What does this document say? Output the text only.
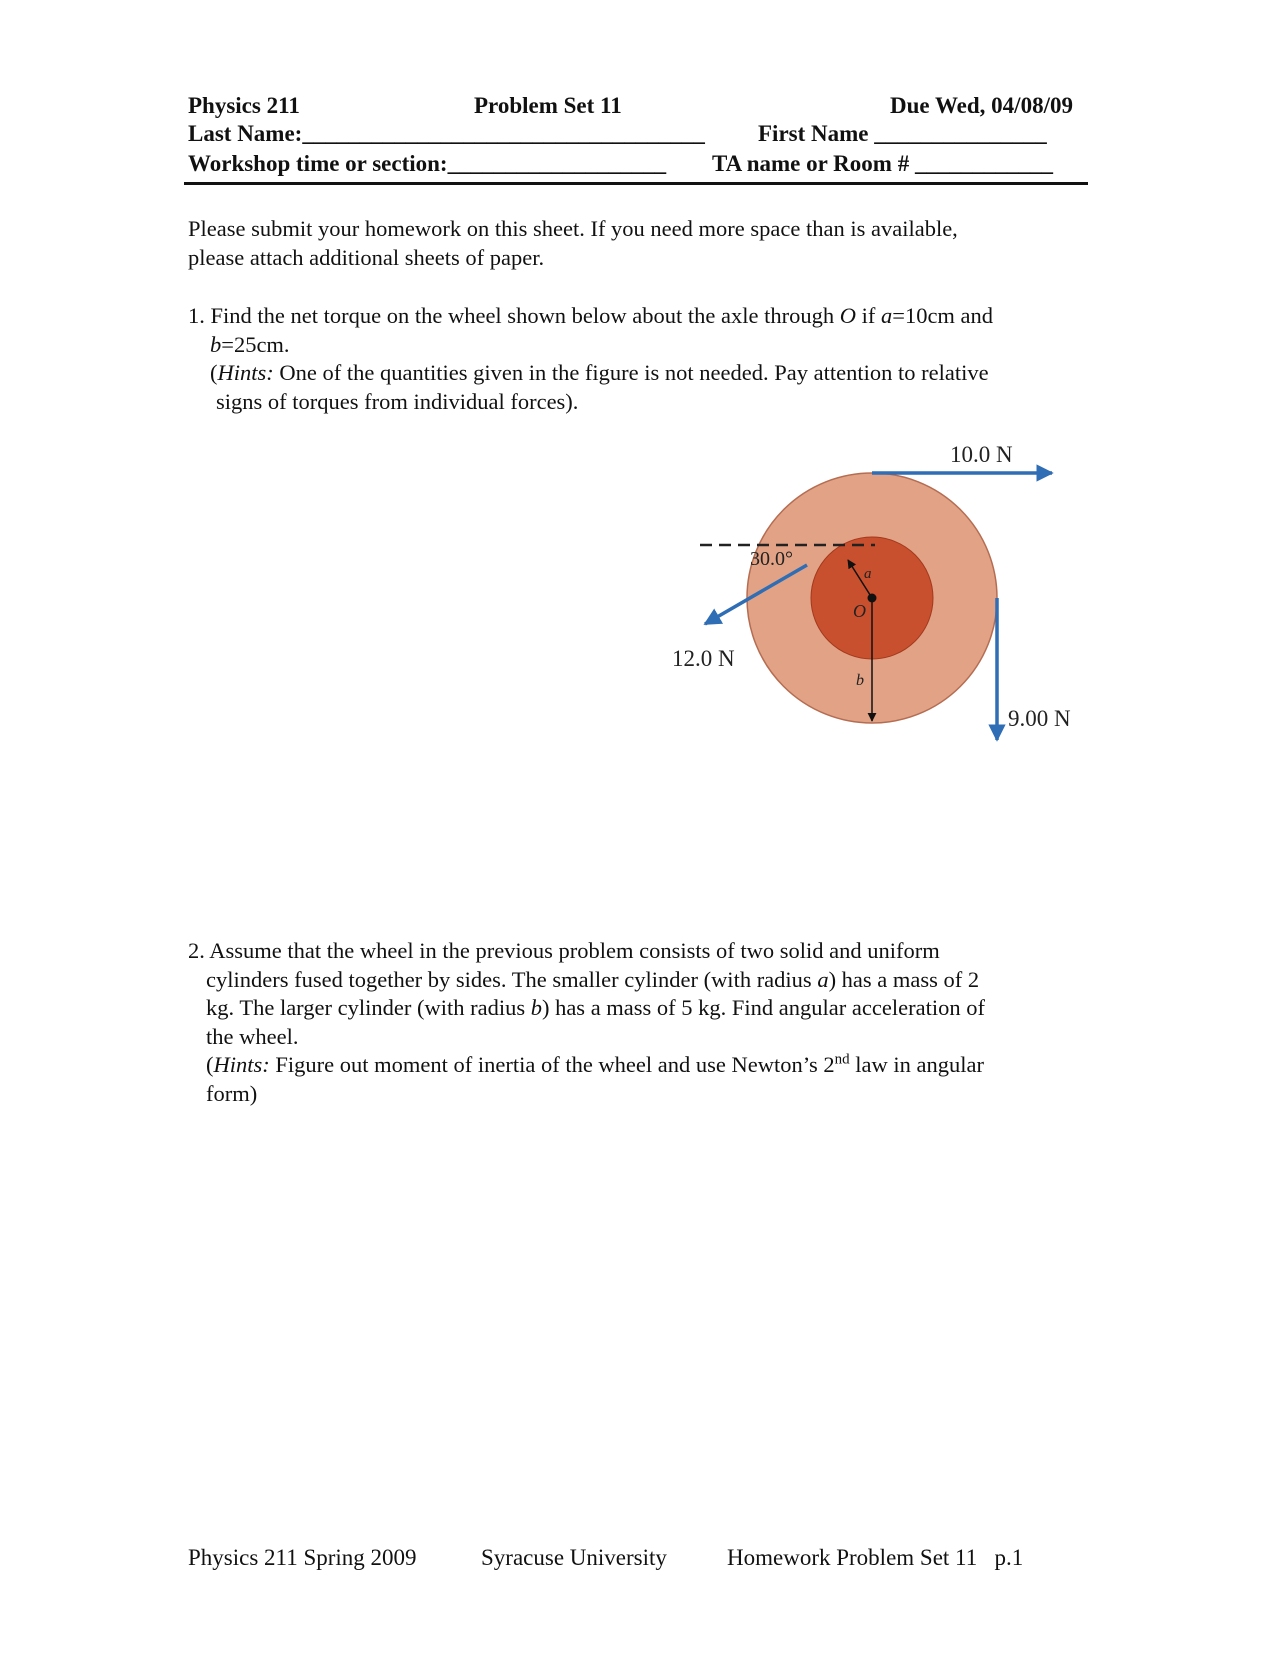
Physics 211	Problem Set 11	Due Wed, 04/08/09
Last Name:___________________________________ First Name _______________
Workshop time or section:___________________ TA name or Room # ____________
Please submit your homework on this sheet. If you need more space than is available,
please attach additional sheets of paper.
1. Find the net torque on the wheel shown below about the axle through O if a=10cm and
b=25cm.
(Hints: One of the quantities given in the figure is not needed. Pay attention to relative
signs of torques from individual forces).
10.0 N
12.0 N
9.00 N
30.0°
a
O
b
2. Assume that the wheel in the previous problem consists of two solid and uniform
cylinders fused together by sides. The smaller cylinder (with radius a) has a mass of 2
kg. The larger cylinder (with radius b) has a mass of 5 kg. Find angular acceleration of
the wheel.
(Hints: Figure out moment of inertia of the wheel and use Newton’s 2nd law in angular
form)
Physics 211 Spring 2009	Syracuse University	Homework Problem Set 11   p.1
